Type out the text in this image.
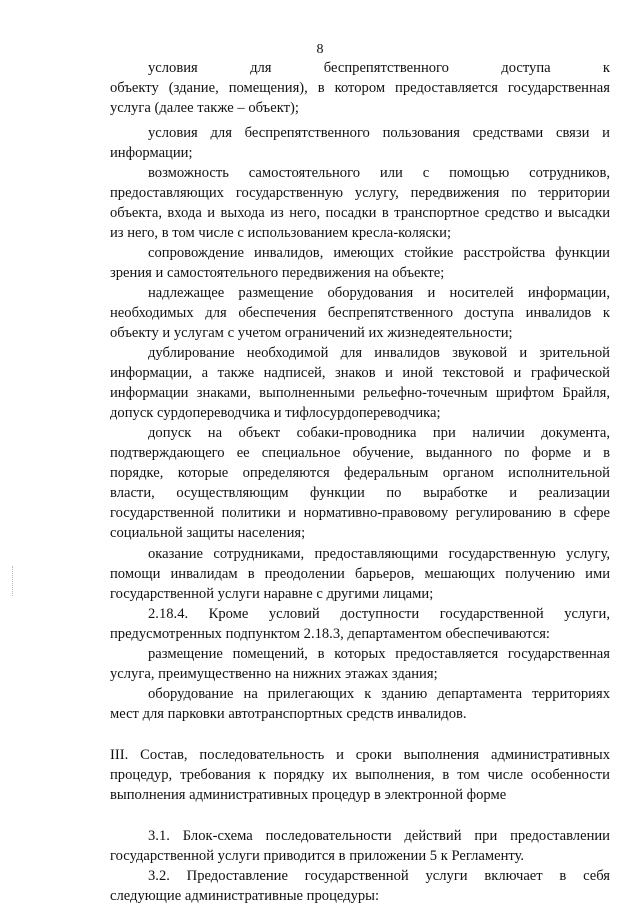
8
условия для беспрепятственного доступа к
объекту (здание, помещения), в котором предоставляется государственная
услуга (далее также – объект);
условия для беспрепятственного пользования средствами связи и
информации;
возможность самостоятельного или с помощью сотрудников,
предоставляющих государственную услугу, передвижения по территории
объекта, входа и выхода из него, посадки в транспортное средство и высадки
из него, в том числе с использованием кресла-коляски;
сопровождение инвалидов, имеющих стойкие расстройства функции
зрения и самостоятельного передвижения на объекте;
надлежащее размещение оборудования и носителей информации,
необходимых для обеспечения беспрепятственного доступа инвалидов к
объекту и услугам с учетом ограничений их жизнедеятельности;
дублирование необходимой для инвалидов звуковой и зрительной
информации, а также надписей, знаков и иной текстовой и графической
информации знаками, выполненными рельефно-точечным шрифтом Брайля,
допуск сурдопереводчика и тифлосурдопереводчика;
допуск на объект собаки-проводника при наличии документа,
подтверждающего ее специальное обучение, выданного по форме и в
порядке, которые определяются федеральным органом исполнительной
власти, осуществляющим функции по выработке и реализации
государственной политики и нормативно-правовому регулированию в сфере
социальной защиты населения;
оказание сотрудниками, предоставляющими государственную услугу,
помощи инвалидам в преодолении барьеров, мешающих получению ими
государственной услуги наравне с другими лицами;
2.18.4. Кроме условий доступности государственной услуги,
предусмотренных подпунктом 2.18.3, департаментом обеспечиваются:
размещение помещений, в которых предоставляется государственная
услуга, преимущественно на нижних этажах здания;
оборудование на прилегающих к зданию департамента территориях
мест для парковки автотранспортных средств инвалидов.
III. Состав, последовательность и сроки выполнения административных
процедур, требования к порядку их выполнения, в том числе особенности
выполнения административных процедур в электронной форме
3.1. Блок-схема последовательности действий при предоставлении
государственной услуги приводится в приложении 5 к Регламенту.
3.2. Предоставление государственной услуги включает в себя
следующие административные процедуры:
